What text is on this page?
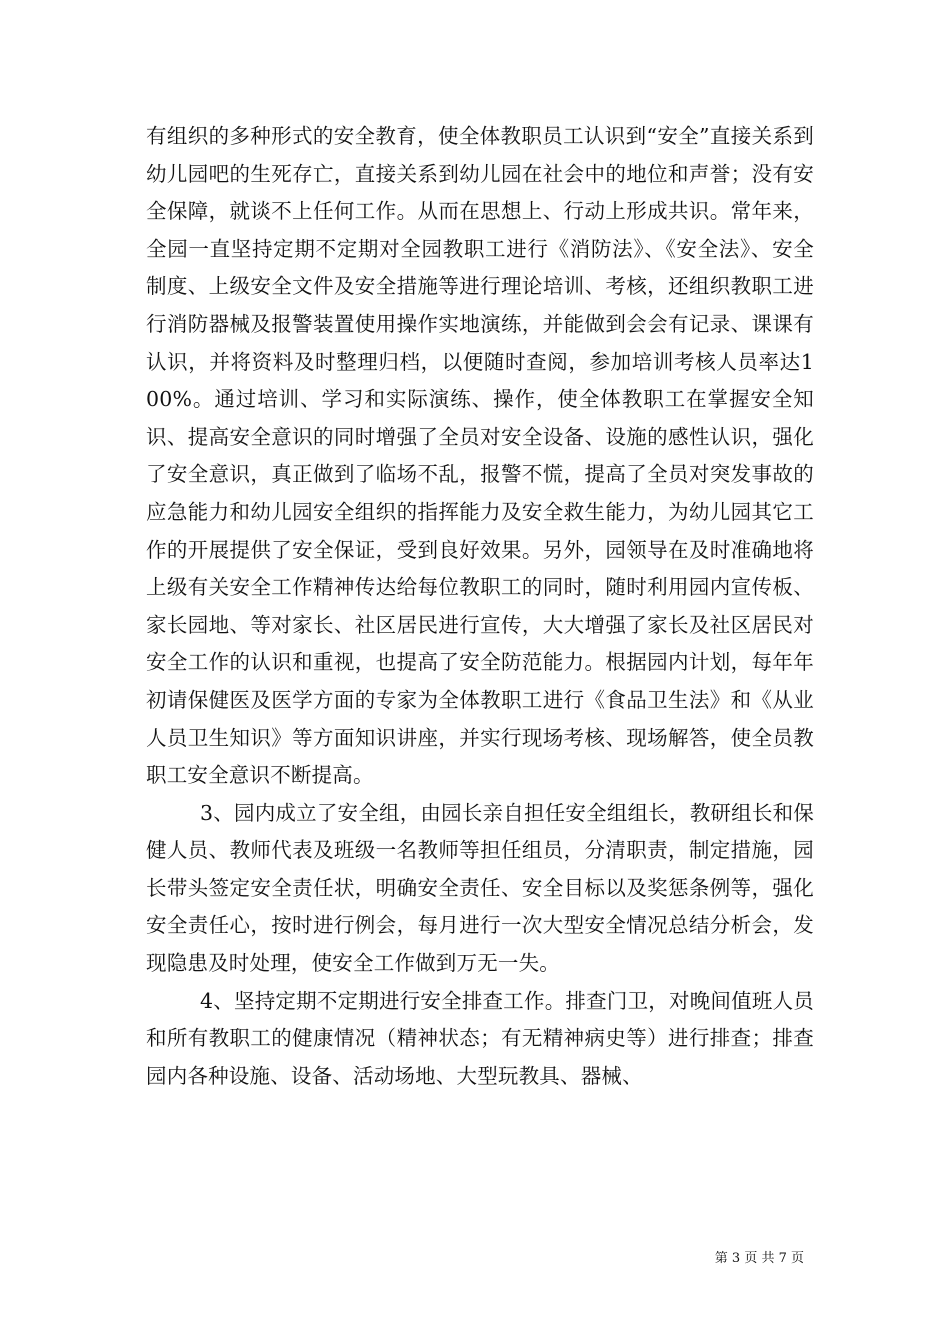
有组织的多种形式的安全教育，使全体教职员工认识到“安全”直接关系到幼儿园吧的生死存亡，直接关系到幼儿园在社会中的地位和声誉；没有安全保障，就谈不上任何工作。从而在思想上、行动上形成共识。常年来，全园一直坚持定期不定期对全园教职工进行《消防法》、《安全法》、安全制度、上级安全文件及安全措施等进行理论培训、考核，还组织教职工进行消防器械及报警装置使用操作实地演练，并能做到会会有记录、课课有认识，并将资料及时整理归档，以便随时查阅，参加培训考核人员率达100%。通过培训、学习和实际演练、操作，使全体教职工在掌握安全知识、提高安全意识的同时增强了全员对安全设备、设施的感性认识，强化了安全意识，真正做到了临场不乱，报警不慌，提高了全员对突发事故的应急能力和幼儿园安全组织的指挥能力及安全救生能力，为幼儿园其它工作的开展提供了安全保证，受到良好效果。另外，园领导在及时准确地将上级有关安全工作精神传达给每位教职工的同时，随时利用园内宣传板、家长园地、等对家长、社区居民进行宣传，大大增强了家长及社区居民对安全工作的认识和重视，也提高了安全防范能力。根据园内计划，每年年初请保健医及医学方面的专家为全体教职工进行《食品卫生法》和《从业人员卫生知识》等方面知识讲座，并实行现场考核、现场解答，使全员教职工安全意识不断提高。

3、园内成立了安全组，由园长亲自担任安全组组长，教研组长和保健人员、教师代表及班级一名教师等担任组员，分清职责，制定措施，园长带头签定安全责任状，明确安全责任、安全目标以及奖惩条例等，强化安全责任心，按时进行例会，每月进行一次大型安全情况总结分析会，发现隐患及时处理，使安全工作做到万无一失。

4、坚持定期不定期进行安全排查工作。排查门卫，对晚间值班人员和所有教职工的健康情况（精神状态；有无精神病史等）进行排查；排查园内各种设施、设备、活动场地、大型玩教具、器械、

第 3 页 共 7 页
